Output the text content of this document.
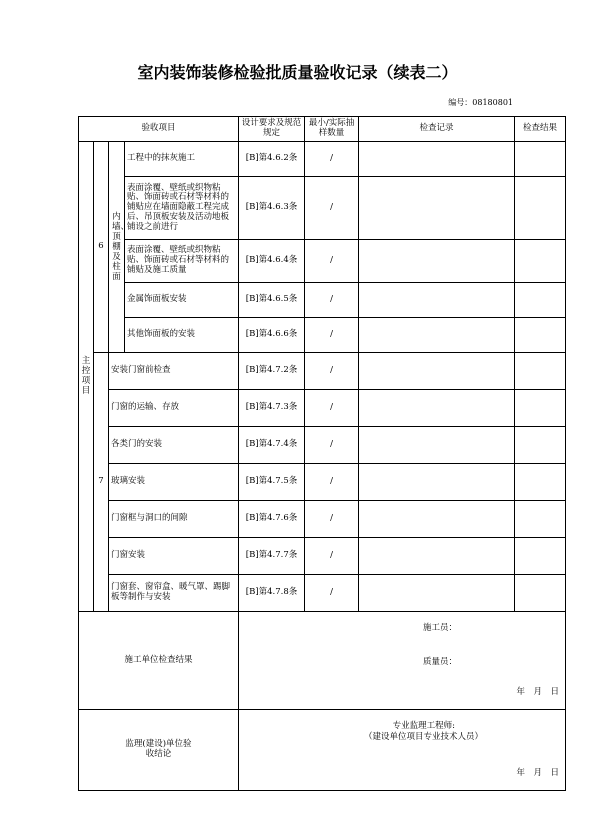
室内装饰装修检验批质量验收记录（续表二）
编号：08180801
验收项目				设计要求及规范规定	最小/实际抽样数量	检查记录	检查结果
主控项目	6	内墙、顶棚及柱面	工程中的抹灰施工	[B]第4.6.2条	/		
			表面涂覆、壁纸或织物粘贴、饰面砖或石材等材料的铺贴应在墙面隐蔽工程完成后、吊顶板安装及活动地板铺设之前进行	[B]第4.6.3条	/		
			表面涂覆、壁纸或织物粘贴、饰面砖或石材等材料的铺贴及施工质量	[B]第4.6.4条	/		
			金属饰面板安装	[B]第4.6.5条	/		
			其他饰面板的安装	[B]第4.6.6条	/		
	7	安装门窗前检查		[B]第4.7.2条	/		
		门窗的运输、存放		[B]第4.7.3条	/		
		各类门的安装		[B]第4.7.4条	/		
		玻璃安装		[B]第4.7.5条	/		
		门窗框与洞口的间隙		[B]第4.7.6条	/		
		门窗安装		[B]第4.7.7条	/		
		门窗套、窗帘盒、暖气罩、踢脚板等制作与安装		[B]第4.7.8条	/		

施工单位检查结果				施工员：
质量员：
年　月　日			

监理(建设)单位验收结论				专业监理工程师:
（建设单位项目专业技术人员）
年　月　日			
